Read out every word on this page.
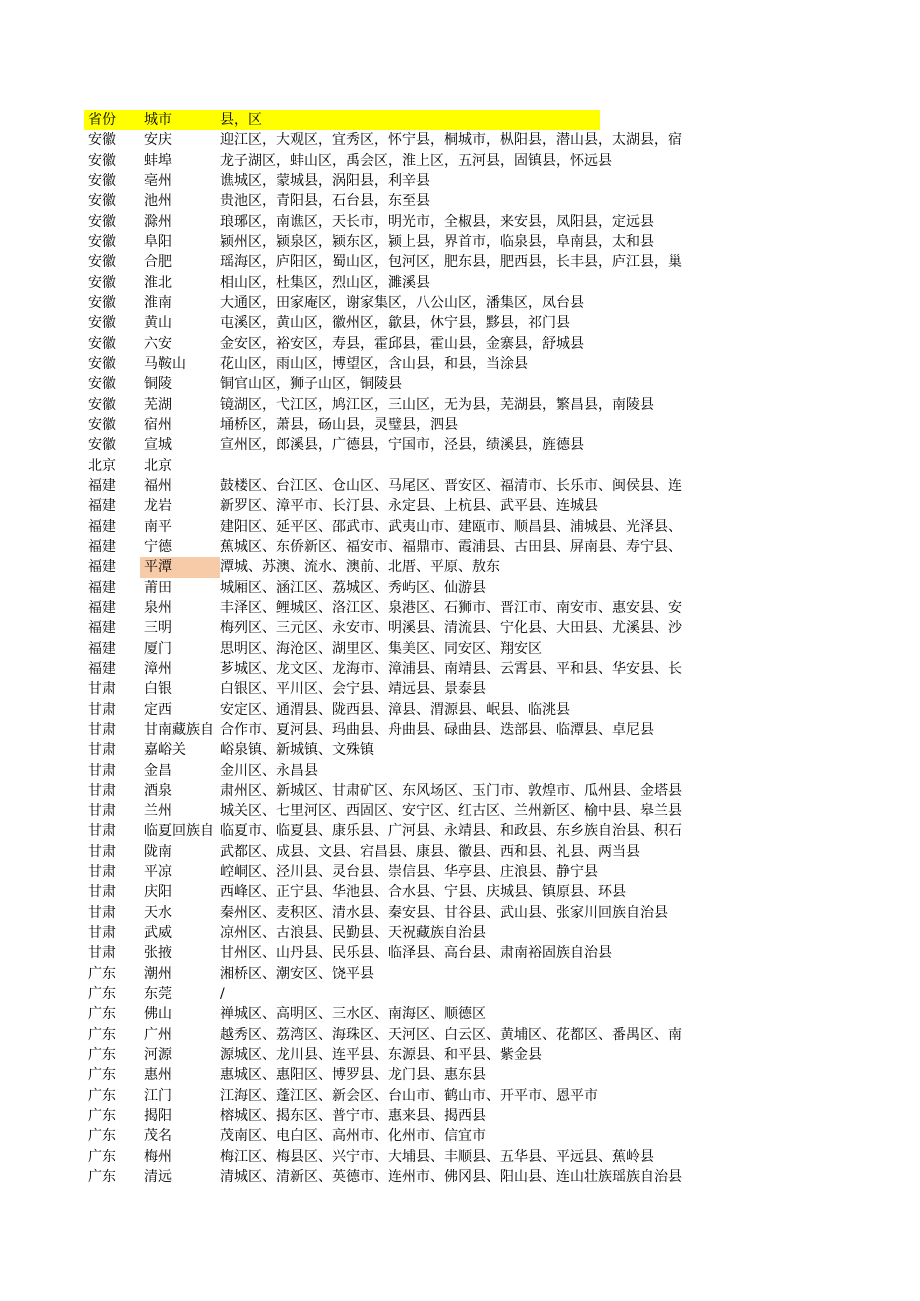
省份	城市	县，区
安徽	安庆	迎江区，大观区，宜秀区，怀宁县，桐城市，枞阳县，潜山县，太湖县，宿
安徽	蚌埠	龙子湖区，蚌山区，禹会区，淮上区，五河县，固镇县，怀远县
安徽	亳州	谯城区，蒙城县，涡阳县，利辛县
安徽	池州	贵池区，青阳县，石台县，东至县
安徽	滁州	琅琊区，南谯区，天长市，明光市，全椒县，来安县，凤阳县，定远县
安徽	阜阳	颍州区，颍泉区，颍东区，颍上县，界首市，临泉县，阜南县，太和县
安徽	合肥	瑶海区，庐阳区，蜀山区，包河区，肥东县，肥西县，长丰县，庐江县，巢
安徽	淮北	相山区，杜集区，烈山区，濉溪县
安徽	淮南	大通区，田家庵区，谢家集区，八公山区，潘集区，凤台县
安徽	黄山	屯溪区，黄山区，徽州区，歙县，休宁县，黟县，祁门县
安徽	六安	金安区，裕安区，寿县，霍邱县，霍山县，金寨县，舒城县
安徽	马鞍山	花山区，雨山区，博望区，含山县，和县，当涂县
安徽	铜陵	铜官山区，狮子山区，铜陵县
安徽	芜湖	镜湖区，弋江区，鸠江区，三山区，无为县，芜湖县，繁昌县，南陵县
安徽	宿州	埇桥区，萧县，砀山县，灵璧县，泗县
安徽	宣城	宣州区，郎溪县，广德县，宁国市，泾县，绩溪县，旌德县
北京	北京
福建	福州	鼓楼区、台江区、仓山区、马尾区、晋安区、福清市、长乐市、闽侯县、连
福建	龙岩	新罗区、漳平市、长汀县、永定县、上杭县、武平县、连城县
福建	南平	建阳区、延平区、邵武市、武夷山市、建瓯市、顺昌县、浦城县、光泽县、
福建	宁德	蕉城区、东侨新区、福安市、福鼎市、霞浦县、古田县、屏南县、寿宁县、
福建	平潭	潭城、苏澳、流水、澳前、北厝、平原、敖东
福建	莆田	城厢区、涵江区、荔城区、秀屿区、仙游县
福建	泉州	丰泽区、鲤城区、洛江区、泉港区、石狮市、晋江市、南安市、惠安县、安
福建	三明	梅列区、三元区、永安市、明溪县、清流县、宁化县、大田县、尤溪县、沙
福建	厦门	思明区、海沧区、湖里区、集美区、同安区、翔安区
福建	漳州	芗城区、龙文区、龙海市、漳浦县、南靖县、云霄县、平和县、华安县、长
甘肃	白银	白银区、平川区、会宁县、靖远县、景泰县
甘肃	定西	安定区、通渭县、陇西县、漳县、渭源县、岷县、临洮县
甘肃	甘南藏族自 合作市、夏河县、玛曲县、舟曲县、碌曲县、迭部县、临潭县、卓尼县
甘肃	嘉峪关	峪泉镇、新城镇、文殊镇
甘肃	金昌	金川区、永昌县
甘肃	酒泉	肃州区、新城区、甘肃矿区、东风场区、玉门市、敦煌市、瓜州县、金塔县
甘肃	兰州	城关区、七里河区、西固区、安宁区、红古区、兰州新区、榆中县、皋兰县
甘肃	临夏回族自 临夏市、临夏县、康乐县、广河县、永靖县、和政县、东乡族自治县、积石
甘肃	陇南	武都区、成县、文县、宕昌县、康县、徽县、西和县、礼县、两当县
甘肃	平凉	崆峒区、泾川县、灵台县、崇信县、华亭县、庄浪县、静宁县
甘肃	庆阳	西峰区、正宁县、华池县、合水县、宁县、庆城县、镇原县、环县
甘肃	天水	秦州区、麦积区、清水县、秦安县、甘谷县、武山县、张家川回族自治县
甘肃	武威	凉州区、古浪县、民勤县、天祝藏族自治县
甘肃	张掖	甘州区、山丹县、民乐县、临泽县、高台县、肃南裕固族自治县
广东	潮州	湘桥区、潮安区、饶平县
广东	东莞	/
广东	佛山	禅城区、高明区、三水区、南海区、顺德区
广东	广州	越秀区、荔湾区、海珠区、天河区、白云区、黄埔区、花都区、番禺区、南
广东	河源	源城区、龙川县、连平县、东源县、和平县、紫金县
广东	惠州	惠城区、惠阳区、博罗县、龙门县、惠东县
广东	江门	江海区、蓬江区、新会区、台山市、鹤山市、开平市、恩平市
广东	揭阳	榕城区、揭东区、普宁市、惠来县、揭西县
广东	茂名	茂南区、电白区、高州市、化州市、信宜市
广东	梅州	梅江区、梅县区、兴宁市、大埔县、丰顺县、五华县、平远县、蕉岭县
广东	清远	清城区、清新区、英德市、连州市、佛冈县、阳山县、连山壮族瑶族自治县
